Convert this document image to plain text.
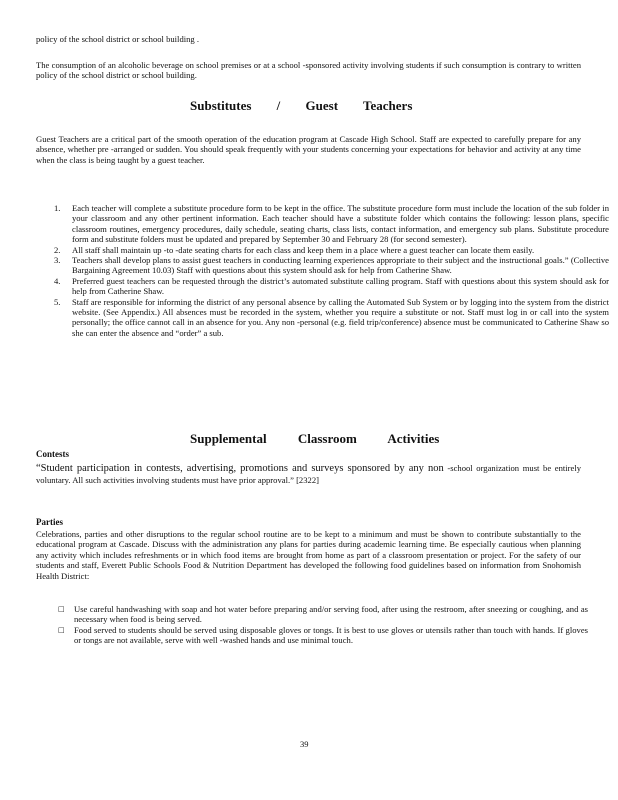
policy of the school district or school building .

The consumption of an alcoholic beverage on school premises or at a school -sponsored activity involving students if such consumption is contrary to written policy of the school district or school building.

Substitutes / Guest Teachers

Guest Teachers are a critical part of the smooth operation of the education program at Cascade High School. Staff are expected to carefully prepare for any absence, whether pre -arranged or sudden. You should speak frequently with your students concerning your expectations for behavior and activity at any time when the class is being taught by a guest teacher.

1. Each teacher will complete a substitute procedure form to be kept in the office. The substitute procedure form must include the location of the sub folder in your classroom and any other pertinent information. Each teacher should have a substitute folder which contains the following: lesson plans, specific classroom routines, emergency procedures, daily schedule, seating charts, class lists, contact information, and emergency sub plans. Substitute procedure form and substitute folders must be updated and prepared by September 30 and February 28 (for second semester).
2. All staff shall maintain up -to -date seating charts for each class and keep them in a place where a guest teacher can locate them easily.
3. Teachers shall develop plans to assist guest teachers in conducting learning experiences appropriate to their subject and the instructional goals.” (Collective Bargaining Agreement 10.03) Staff with questions about this system should ask for help from Catherine Shaw.
4. Preferred guest teachers can be requested through the district’s automated substitute calling program. Staff with questions about this system should ask for help from Catherine Shaw.
5. Staff are responsible for informing the district of any personal absence by calling the Automated Sub System or by logging into the system from the district website. (See Appendix.) All absences must be recorded in the system, whether you require a substitute or not. Staff must log in or call into the system personally; the office cannot call in an absence for you. Any non -personal (e.g. field trip/conference) absence must be communicated to Catherine Shaw so she can enter the absence and “order” a sub.
Supplemental Classroom Activities
Contests

“Student participation in contests, advertising, promotions and surveys sponsored by any non -school organization must be entirely voluntary. All such activities involving students must have prior approval.” [2322]

Parties

Celebrations, parties and other disruptions to the regular school routine are to be kept to a minimum and must be shown to contribute substantially to the educational program at Cascade. Discuss with the administration any plans for parties during academic learning time. Be especially cautious when planning any activity which includes refreshments or in which food items are brought from home as part of a classroom presentation or project. For the safety of our students and staff, Everett Public Schools Food & Nutrition Department has developed the following food guidelines based on information from Snohomish Health District:

□ Use careful handwashing with soap and hot water before preparing and/or serving food, after using the restroom, after sneezing or coughing, and as necessary when food is being served.
□ Food served to students should be served using disposable gloves or tongs. It is best to use gloves or utensils rather than touch with hands. If gloves or tongs are not available, serve with well -washed hands and use minimal touch.
39
